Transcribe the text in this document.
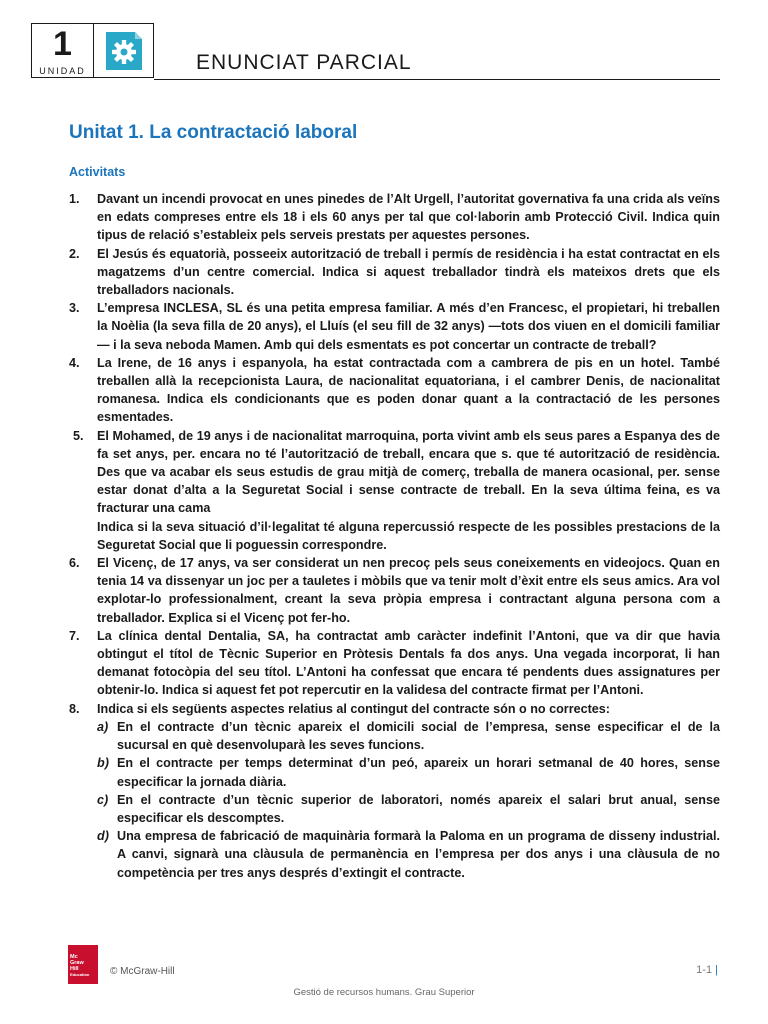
1
UNIDAD	ENUNCIAT PARCIAL
Unitat 1. La contractació laboral
Activitats
1. Davant un incendi provocat en unes pinedes de l’Alt Urgell, l’autoritat governativa fa una crida als veïns en edats compreses entre els 18 i els 60 anys per tal que col·laborin amb Protecció Civil. Indica quin tipus de relació s’estableix pels serveis prestats per aquestes persones.
2. El Jesús és equatorià, posseeix autorització de treball i permís de residència i ha estat contractat en els magatzems d’un centre comercial. Indica si aquest treballador tindrà els mateixos drets que els treballadors nacionals.
3. L’empresa INCLESA, SL és una petita empresa familiar. A més d’en Francesc, el propietari, hi treballen la Noèlia (la seva filla de 20 anys), el Lluís (el seu fill de 32 anys) —tots dos viuen en el domicili familiar— i la seva neboda Mamen. Amb qui dels esmentats es pot concertar un contracte de treball?
4. La Irene, de 16 anys i espanyola, ha estat contractada com a cambrera de pis en un hotel. També treballen allà la recepcionista Laura, de nacionalitat equatoriana, i el cambrer Denis, de nacionalitat romanesa. Indica els condicionants que es poden donar quant a la contractació de les persones esmentades.
5. El Mohamed, de 19 anys i de nacionalitat marroquina, porta vivint amb els seus pares a Espanya des de fa set anys, per. encara no té l’autorització de treball, encara que s. que té autorització de residència. Des que va acabar els seus estudis de grau mitjà de comerç, treballa de manera ocasional, per. sense estar donat d’alta a la Seguretat Social i sense contracte de treball. En la seva última feina, es va fracturar una cama
Indica si la seva situació d’il·legalitat té alguna repercussió respecte de les possibles prestacions de la Seguretat Social que li poguessin correspondre.
6. El Vicenç, de 17 anys, va ser considerat un nen precoç pels seus coneixements en videojocs. Quan en tenia 14 va dissenyar un joc per a tauletes i mòbils que va tenir molt d’èxit entre els seus amics. Ara vol explotar-lo professionalment, creant la seva pròpia empresa i contractant alguna persona com a treballador. Explica si el Vicenç pot fer-ho.
7. La clínica dental Dentalia, SA, ha contractat amb caràcter indefinit l’Antoni, que va dir que havia obtingut el títol de Tècnic Superior en Pròtesis Dentals fa dos anys. Una vegada incorporat, li han demanat fotocòpia del seu títol. L’Antoni ha confessat que encara té pendents dues assignatures per obtenir-lo. Indica si aquest fet pot repercutir en la validesa del contracte firmat per l’Antoni.
8. Indica si els següents aspectes relatius al contingut del contracte són o no correctes:
a) En el contracte d’un tècnic apareix el domicili social de l’empresa, sense especificar el de la sucursal en què desenvoluparà les seves funcions.
b) En el contracte per temps determinat d’un peó, apareix un horari setmanal de 40 hores, sense especificar la jornada diària.
c) En el contracte d’un tècnic superior de laboratori, només apareix el salari brut anual, sense especificar els descomptes.
d) Una empresa de fabricació de maquinària formarà la Paloma en un programa de disseny industrial. A canvi, signarà una clàusula de permanència en l’empresa per dos anys i una clàusula de no competència per tres anys després d’extingit el contracte.
Mc
Graw
Hill
Education	© McGraw-Hill	1-1 |
Gestió de recursos humans. Grau Superior
